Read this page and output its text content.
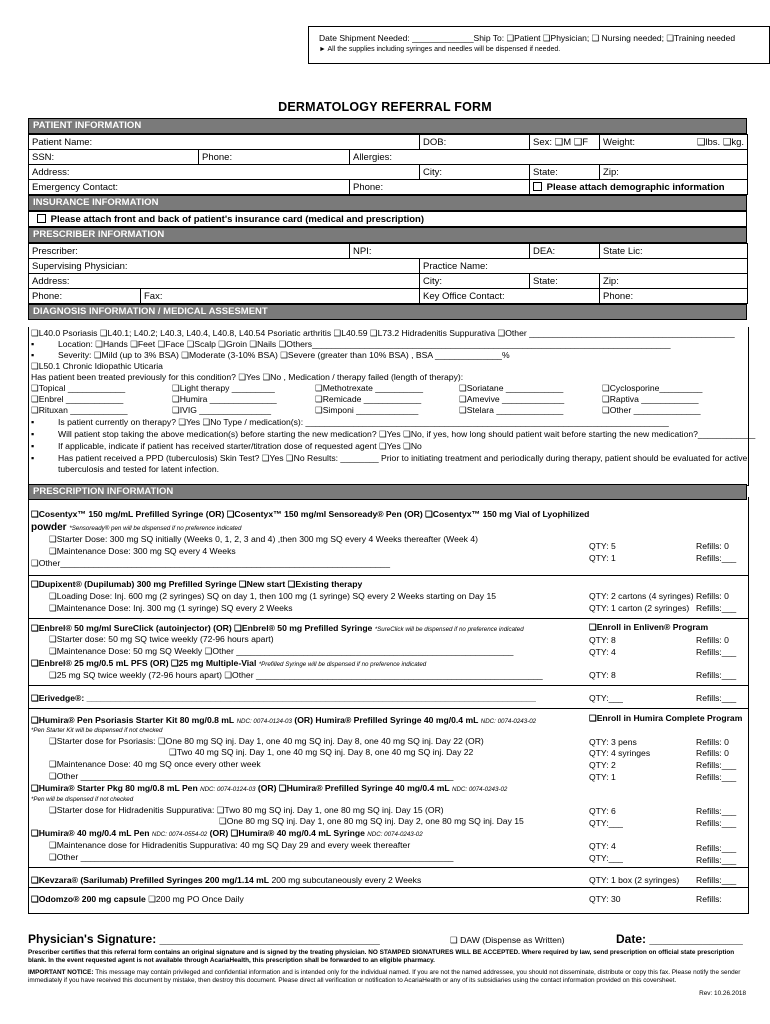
Date Shipment Needed: _____________Ship To: ❑Patient ❑Physician; ❑ Nursing needed; ❑Training needed
► All the supplies including syringes and needles will be dispensed if needed.
DERMATOLOGY REFERRAL FORM
PATIENT INFORMATION
Patient Name:			DOB:	Sex: ❑M ❑F	Weight: ❑lbs. ❑kg.

SSN:	Phone:	Allergies:			
Address:			City:	State:	Zip:
Emergency Contact:		Phone:		Please attach demographic information	
INSURANCE INFORMATION
Please attach front and back of patient's insurance card (medical and prescription)
PRESCRIBER INFORMATION
Prescriber:		NPI:		DEA:	State Lic:
Supervising Physician:			Practice Name:		
Address:			City:	State:	Zip:
Phone:	Fax:		Key Office Contact:		Phone:
DIAGNOSIS INFORMATION / MEDICAL ASSESMENT
❑L40.0 Psoriasis ❑L40.1; L40.2; L40.3, L40.4, L40.8, L40.54 Psoriatic arthritis ❑L40.59 ❑L73.2 Hidradenitis Suppurativa ❑Other ___________________________________________
▪ Location: ❑Hands ❑Feet ❑Face ❑Scalp ❑Groin ❑Nails ❑Others___________________________________________________________________________
▪ Severity: ❑Mild (up to 3% BSA) ❑Moderate (3-10% BSA) ❑Severe (greater than 10% BSA) , BSA ______________%
❑L50.1 Chronic Idiopathic Uticaria
Has patient been treated previously for this condition? ❑Yes ❑No , Medication / therapy failed (length of therapy):
❑Topical ____________	❑Light therapy _________	❑Methotrexate __________	❑Soriatane ____________	❑Cyclosporine_________
❑Enbrel ____________	❑Humira ______________	❑Remicade ____________	❑Amevive _____________	❑Raptiva ____________
❑Rituxan ____________	❑IVIG _______________	❑Simponi _____________	❑Stelara ______________	❑Other ______________
▪ Is patient currently on therapy? ❑Yes ❑No Type / medication(s): ____________________________________________________________________________
▪ Will patient stop taking the above medication(s) before starting the new medication? ❑Yes ❑No, if yes, how long should patient wait before starting the new medication?____________
▪ If applicable, indicate if patient has received starter/titration dose of requested agent ❑Yes ❑No
▪ Has patient received a PPD (tuberculosis) Skin Test? ❑Yes ❑No Results: ________ Prior to initiating treatment and periodically during therapy, patient should be evaluated for active
tuberculosis and tested for latent infection.
PRESCRIPTION INFORMATION
❑Cosentyx™ 150 mg/mL Prefilled Syringe (OR) ❑Cosentyx™ 150 mg/ml Sensoready® Pen (OR) ❑Cosentyx™ 150 mg Vial of Lyophilized
powder *Sensoready® pen will be dispensed if no preference indicated
❑Starter Dose: 300 mg SQ initially (Weeks 0, 1, 2, 3 and 4) ,then 300 mg SQ every 4 Weeks thereafter (Week 4)
❑Maintenance Dose: 300 mg SQ every 4 Weeks
❑Other_____________________________________________________________________
QTY: 5	Refills: 0
QTY: 1	Refills:___
❑Dupixent® (Dupilumab) 300 mg Prefilled Syringe ❑New start ❑Existing therapy
❑Loading Dose: Inj. 600 mg (2 syringes) SQ on day 1, then 100 mg (1 syringe) SQ every 2 Weeks starting on Day 15
❑Maintenance Dose: Inj. 300 mg (1 syringe) SQ every 2 Weeks
QTY: 2 cartons (4 syringes) Refills: 0
QTY: 1 carton (2 syringes) Refills:___
❑Enbrel® 50 mg/ml SureClick (autoinjector) (OR) ❑Enbrel® 50 mg Prefilled Syringe *SureClick will be dispensed if no preference indicated	❑Enroll in Enliven® Program
❑Starter dose: 50 mg SQ twice weekly (72-96 hours apart)
❑Maintenance Dose: 50 mg SQ Weekly ❑Other __________________________________________________________
QTY: 8	Refills: 0
QTY: 4	Refills:___
❑Enbrel® 25 mg/0.5 mL PFS (OR) ❑25 mg Multiple-Vial *Prefilled Syringe will be dispensed if no preference indicated
❑25 mg SQ twice weekly (72-96 hours apart) ❑Other ____________________________________________________________	QTY: 8	Refills:___
❑Erivedge®: ______________________________________________________________________________________________	QTY:___	Refills:___
❑Humira® Pen Psoriasis Starter Kit 80 mg/0.8 mL NDC: 0074-0124-03 (OR) Humira® Prefilled Syringe 40 mg/0.4 mL NDC: 0074-0243-02	❑Enroll in Humira Complete Program
*Pen Starter Kit will be dispensed if not checked
❑Starter dose for Psoriasis: ❑One 80 mg SQ inj. Day 1, one 40 mg SQ inj. Day 8, one 40 mg SQ inj. Day 22 (OR)
❑Two 40 mg SQ inj. Day 1, one 40 mg SQ inj. Day 8, one 40 mg SQ inj. Day 22
❑Maintenance Dose: 40 mg SQ once every other week
❑Other ______________________________________________________________________________
QTY: 3 pens	Refills: 0
QTY: 4 syringes	Refills: 0
QTY: 2	Refills:___
QTY: 1	Refills:___
❑Humira® Starter Pkg 80 mg/0.8 mL Pen NDC: 0074-0124-03 (OR) ❑Humira® Prefilled Syringe 40 mg/0.4 mL NDC: 0074-0243-02
*Pen will be dispensed if not checked
❑Starter dose for Hidradenitis Suppurativa: ❑Two 80 mg SQ inj. Day 1, one 80 mg SQ inj. Day 15 (OR)
❑One 80 mg SQ inj. Day 1, one 80 mg SQ inj. Day 2, one 80 mg SQ inj. Day 15
QTY: 6	Refills:___
QTY:___	Refills:___
❑Humira® 40 mg/0.4 mL Pen NDC: 0074-0554-02 (OR) ❑Humira® 40 mg/0.4 mL Syringe NDC: 0074-0243-02
❑Maintenance dose for Hidradenitis Suppurativa: 40 mg SQ Day 29 and every week thereafter
❑Other ______________________________________________________________________________
QTY: 4	Refills:___
QTY:___	Refills:___
❑Kevzara® (Sarilumab) Prefilled Syringes 200 mg/1.14 mL 200 mg subcutaneously every 2 Weeks	QTY: 1 box (2 syringes) Refills:___
❑Odomzo® 200 mg capsule ❑200 mg PO Once Daily	QTY: 30	Refills:
Physician's Signature: _________________________________	❑ DAW (Dispense as Written)	Date: ______________
Prescriber certifies that this referral form contains an original signature and is signed by the treating physician. NO STAMPED SIGNATURES WILL BE ACCEPTED. Where required by law, send prescription on official state prescription blank. In the event requested agent is not available through AcariaHealth, this prescription shall be forwarded to an eligible pharmacy.
IMPORTANT NOTICE: This message may contain privileged and confidential information and is intended only for the individual named. If you are not the named addressee, you should not disseminate, distribute or copy this fax. Please notify the sender immediately if you have received this document by mistake, then destroy this document. Please direct all verification or notification to AcariaHealth or any of its subsidiaries using the contact information provided on this coversheet.
Rev: 10.26.2018
